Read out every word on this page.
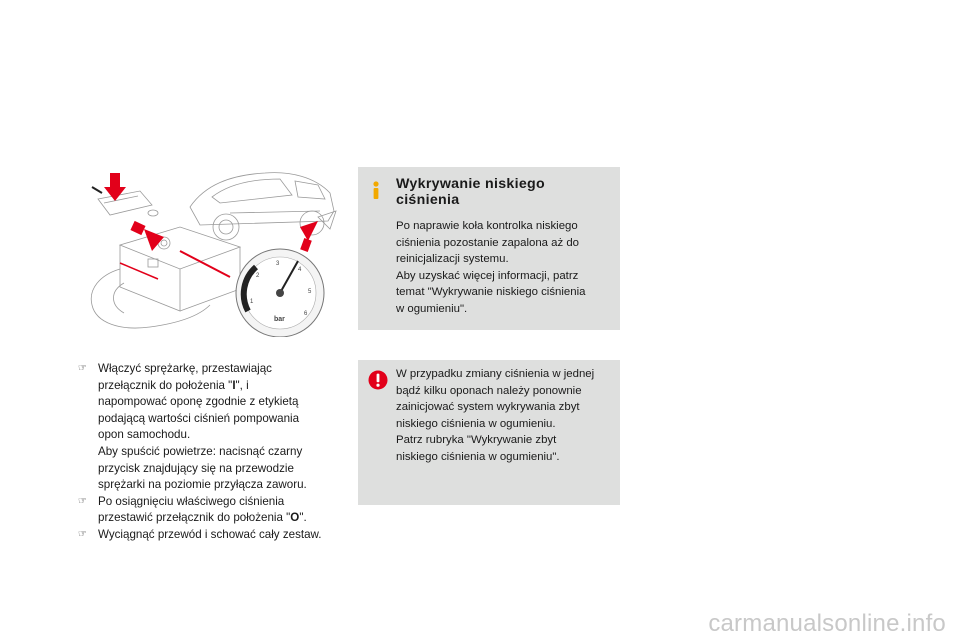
1
2
3
4
5
6
bar
☞ Włączyć sprężarkę, przestawiając
przełącznik do położenia "I", i
napompować oponę zgodnie z etykietą
podającą wartości ciśnień pompowania
opon samochodu.
Aby spuścić powietrze: nacisnąć czarny
przycisk znajdujący się na przewodzie
sprężarki na poziomie przyłącza zaworu.
☞ Po osiągnięciu właściwego ciśnienia
przestawić przełącznik do położenia "O".
☞ Wyciągnąć przewód i schować cały zestaw.
Wykrywanie niskiego
ciśnienia
Po naprawie koła kontrolka niskiego
ciśnienia pozostanie zapalona aż do
reinicjalizacji systemu.
Aby uzyskać więcej informacji, patrz
temat "Wykrywanie niskiego ciśnienia
w ogumieniu".
W przypadku zmiany ciśnienia w jednej
bądź kilku oponach należy ponownie
zainicjować system wykrywania zbyt
niskiego ciśnienia w ogumieniu.
Patrz rubryka "Wykrywanie zbyt
niskiego ciśnienia w ogumieniu".
carmanualsonline.info
